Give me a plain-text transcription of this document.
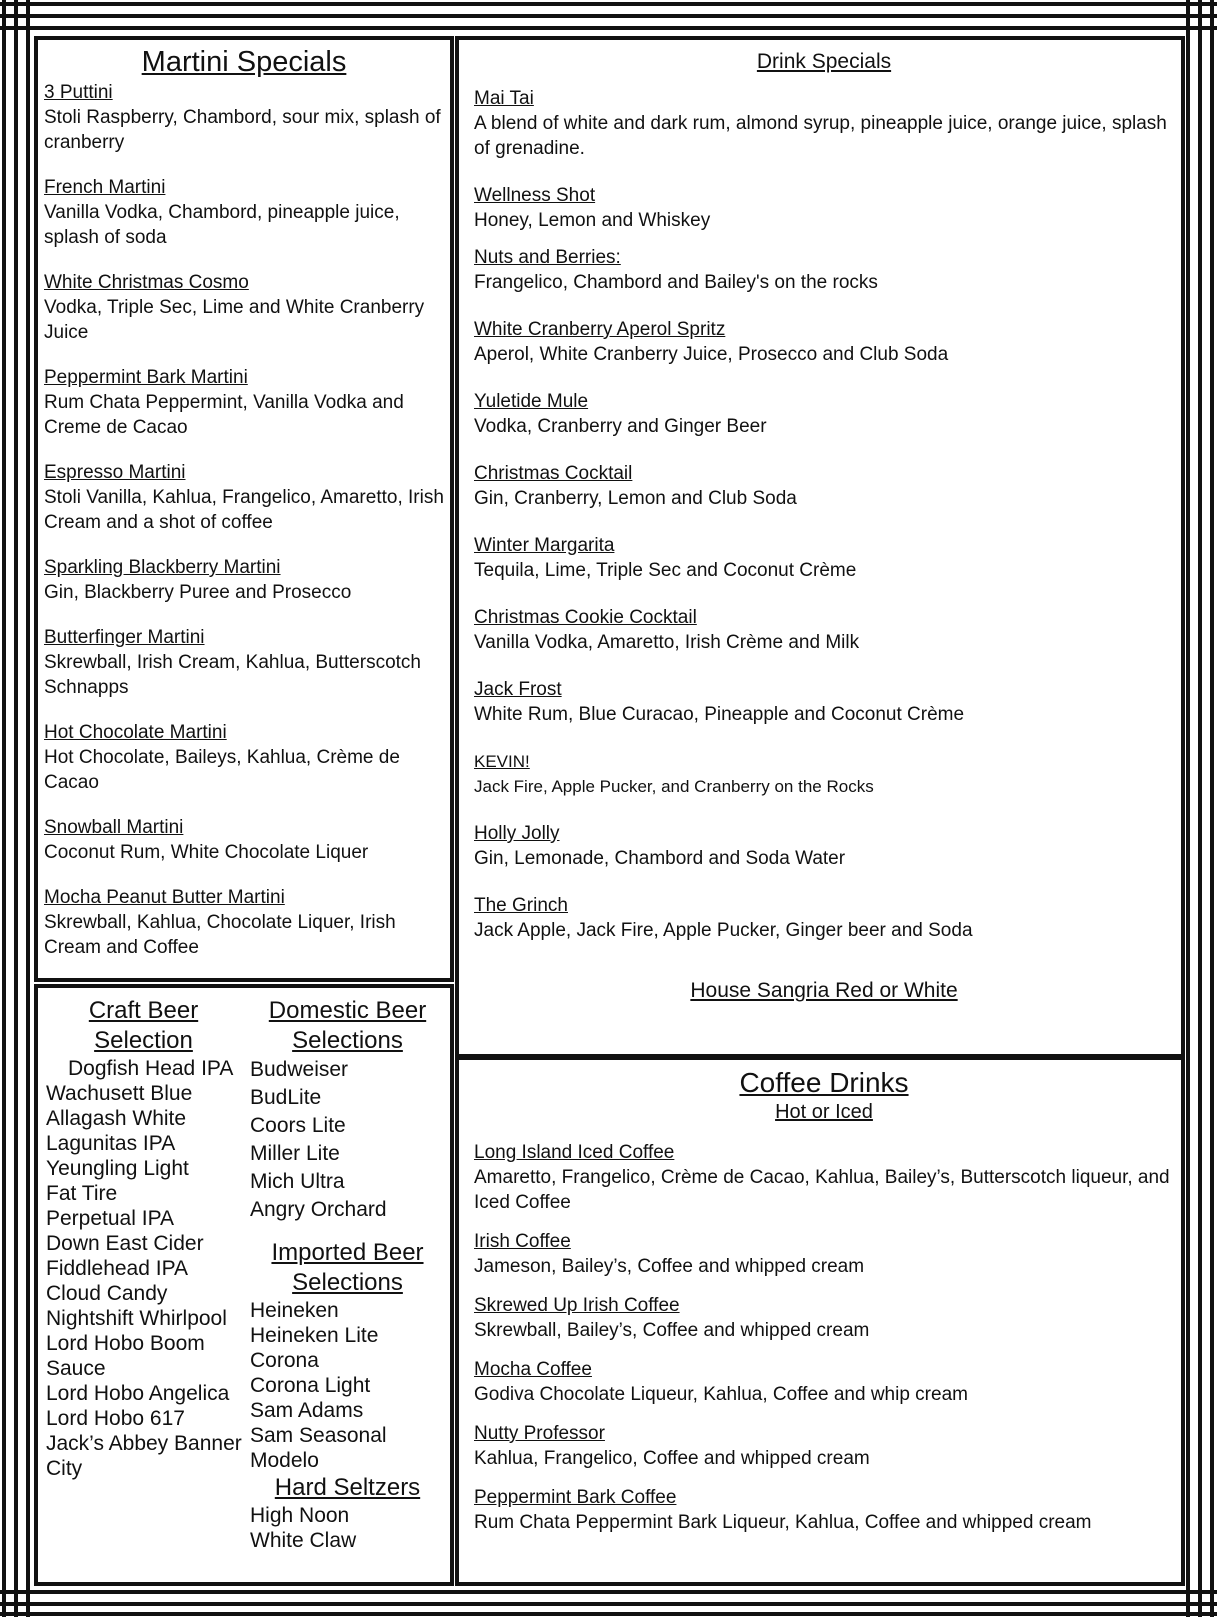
Martini Specials
3 Puttini
Stoli Raspberry, Chambord, sour mix, splash of cranberry
French Martini
Vanilla Vodka, Chambord, pineapple juice, splash of soda
White Christmas Cosmo
Vodka, Triple Sec, Lime and White Cranberry Juice
Peppermint Bark Martini
Rum Chata Peppermint, Vanilla Vodka and Creme de Cacao
Espresso Martini
Stoli Vanilla, Kahlua, Frangelico, Amaretto, Irish Cream and a shot of coffee
Sparkling Blackberry Martini
Gin, Blackberry Puree and Prosecco
Butterfinger Martini
Skrewball, Irish Cream, Kahlua, Butterscotch Schnapps
Hot Chocolate Martini
Hot Chocolate, Baileys, Kahlua, Crème de Cacao
Snowball Martini
Coconut Rum, White Chocolate Liquer
Mocha Peanut Butter Martini
Skrewball, Kahlua, Chocolate Liquer, Irish Cream and Coffee
Drink Specials
Mai Tai
A blend of white and dark rum, almond syrup, pineapple juice, orange juice, splash of grenadine.
Wellness Shot
Honey, Lemon and Whiskey
Nuts and Berries:
Frangelico, Chambord and Bailey's on the rocks
White Cranberry Aperol Spritz
Aperol, White Cranberry Juice, Prosecco and Club Soda
Yuletide Mule
Vodka, Cranberry and Ginger Beer
Christmas Cocktail
Gin, Cranberry, Lemon and Club Soda
Winter Margarita
Tequila, Lime, Triple Sec and Coconut Crème
Christmas Cookie Cocktail
Vanilla Vodka, Amaretto, Irish Crème and Milk
Jack Frost
White Rum, Blue Curacao, Pineapple and Coconut Crème
KEVIN!
Jack Fire, Apple Pucker, and Cranberry on the Rocks
Holly Jolly
Gin, Lemonade, Chambord and Soda Water
The Grinch
Jack Apple, Jack Fire, Apple Pucker, Ginger beer and Soda
House Sangria Red or White
Craft Beer
Selection
Dogfish Head IPA
Wachusett Blue
Allagash White
Lagunitas IPA
Yeungling Light
Fat Tire
Perpetual IPA
Down East Cider
Fiddlehead IPA
Cloud Candy
Nightshift Whirlpool
Lord Hobo Boom
Sauce
Lord Hobo Angelica
Lord Hobo 617
Jack’s Abbey Banner
City
Domestic Beer
Selections
Budweiser
BudLite
Coors Lite
Miller Lite
Mich Ultra
Angry Orchard
Imported Beer
Selections
Heineken
Heineken Lite
Corona
Corona Light
Sam Adams
Sam Seasonal
Modelo
Hard Seltzers
High Noon
White Claw
Coffee Drinks
Hot or Iced
Long Island Iced Coffee
Amaretto, Frangelico, Crème de Cacao, Kahlua, Bailey’s, Butterscotch liqueur, and Iced Coffee
Irish Coffee
Jameson, Bailey’s, Coffee and whipped cream
Skrewed Up Irish Coffee
Skrewball, Bailey’s, Coffee and whipped cream
Mocha Coffee
Godiva Chocolate Liqueur, Kahlua, Coffee and whip cream
Nutty Professor
Kahlua, Frangelico, Coffee and whipped cream
Peppermint Bark Coffee
Rum Chata Peppermint Bark Liqueur, Kahlua, Coffee and whipped cream
